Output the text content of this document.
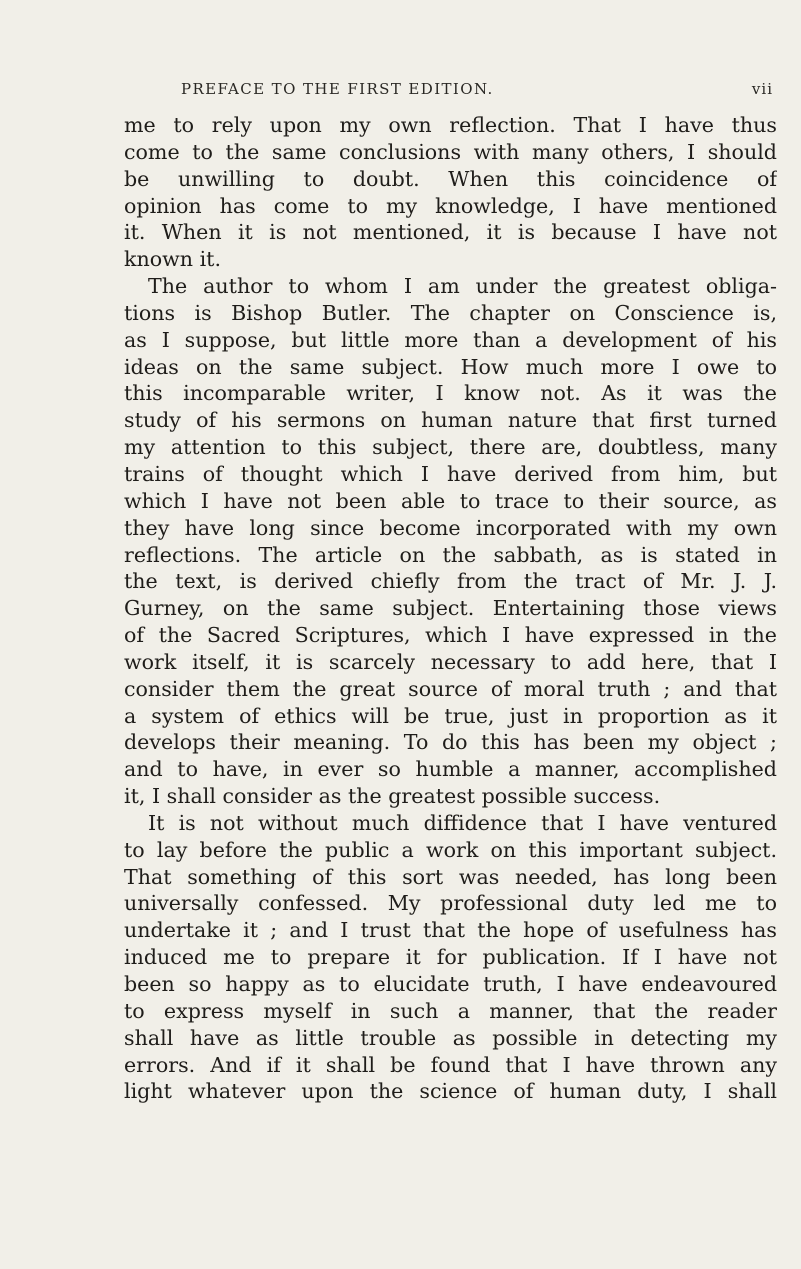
PREFACE TO THE FIRST EDITION.	vii
me to rely upon my own reflection. That I have thus
come to the same conclusions with many others, I should
be unwilling to doubt. When this coincidence of
opinion has come to my knowledge, I have mentioned
it. When it is not mentioned, it is because I have not
known it.
The author to whom I am under the greatest obliga-
tions is Bishop Butler. The chapter on Conscience is,
as I suppose, but little more than a development of his
ideas on the same subject. How much more I owe to
this incomparable writer, I know not. As it was the
study of his sermons on human nature that first turned
my attention to this subject, there are, doubtless, many
trains of thought which I have derived from him, but
which I have not been able to trace to their source, as
they have long since become incorporated with my own
reflections. The article on the sabbath, as is stated in
the text, is derived chiefly from the tract of Mr. J. J.
Gurney, on the same subject. Entertaining those views
of the Sacred Scriptures, which I have expressed in the
work itself, it is scarcely necessary to add here, that I
consider them the great source of moral truth ; and that
a system of ethics will be true, just in proportion as it
develops their meaning. To do this has been my object ;
and to have, in ever so humble a manner, accomplished
it, I shall consider as the greatest possible success.
It is not without much diffidence that I have ventured
to lay before the public a work on this important subject.
That something of this sort was needed, has long been
universally confessed. My professional duty led me to
undertake it ; and I trust that the hope of usefulness has
induced me to prepare it for publication. If I have not
been so happy as to elucidate truth, I have endeavoured
to express myself in such a manner, that the reader
shall have as little trouble as possible in detecting my
errors. And if it shall be found that I have thrown any
light whatever upon the science of human duty, I shall
